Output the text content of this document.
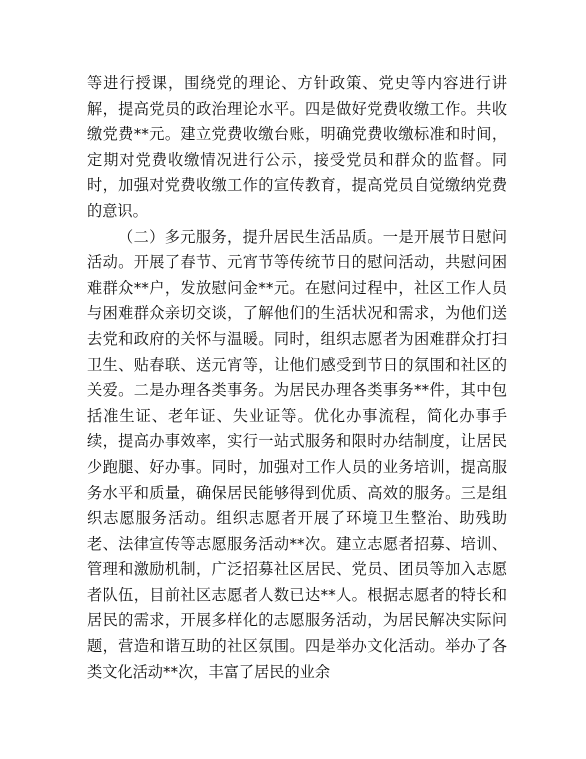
等进行授课，围绕党的理论、方针政策、党史等内容进行讲解，提高党员的政治理论水平。四是做好党费收缴工作。共收缴党费**元。建立党费收缴台账，明确党费收缴标准和时间，定期对党费收缴情况进行公示，接受党员和群众的监督。同时，加强对党费收缴工作的宣传教育，提高党员自觉缴纳党费的意识。

（二）多元服务，提升居民生活品质。一是开展节日慰问活动。开展了春节、元宵节等传统节日的慰问活动，共慰问困难群众**户，发放慰问金**元。在慰问过程中，社区工作人员与困难群众亲切交谈，了解他们的生活状况和需求，为他们送去党和政府的关怀与温暖。同时，组织志愿者为困难群众打扫卫生、贴春联、送元宵等，让他们感受到节日的氛围和社区的关爱。二是办理各类事务。为居民办理各类事务**件，其中包括准生证、老年证、失业证等。优化办事流程，简化办事手续，提高办事效率，实行一站式服务和限时办结制度，让居民少跑腿、好办事。同时，加强对工作人员的业务培训，提高服务水平和质量，确保居民能够得到优质、高效的服务。三是组织志愿服务活动。组织志愿者开展了环境卫生整治、助残助老、法律宣传等志愿服务活动**次。建立志愿者招募、培训、管理和激励机制，广泛招募社区居民、党员、团员等加入志愿者队伍，目前社区志愿者人数已达**人。根据志愿者的特长和居民的需求，开展多样化的志愿服务活动，为居民解决实际问题，营造和谐互助的社区氛围。四是举办文化活动。举办了各类文化活动**次，丰富了居民的业余
